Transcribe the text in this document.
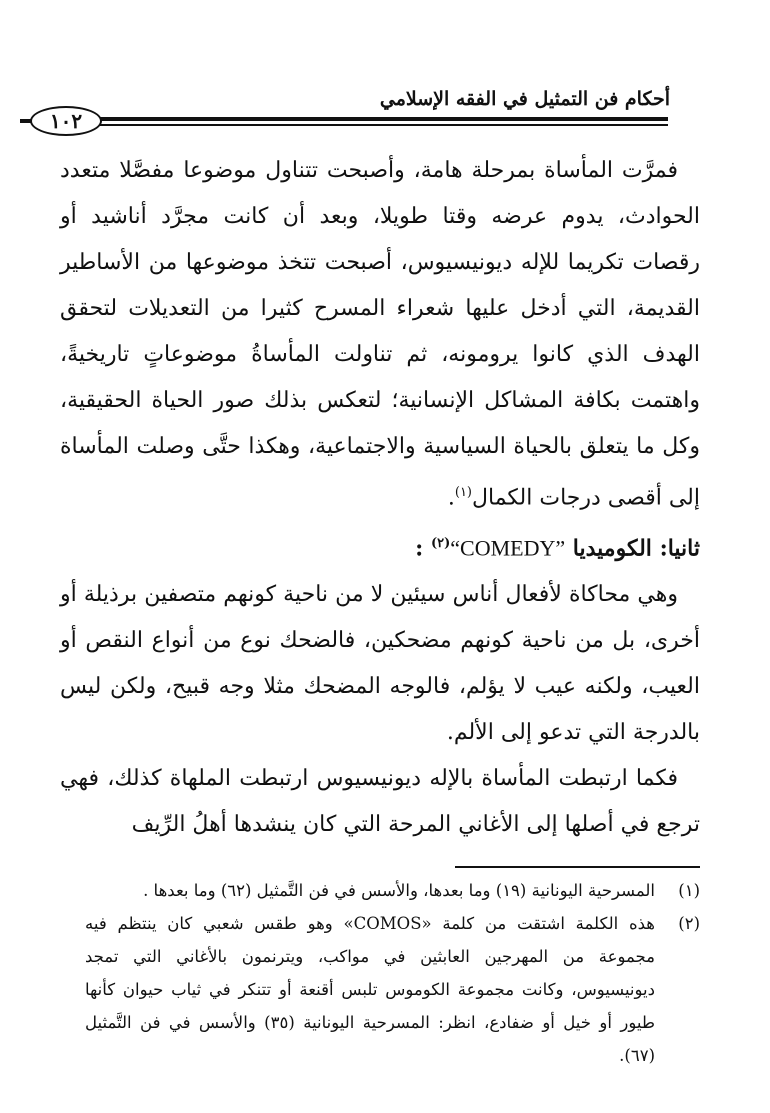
أحكام فن التمثيل في الفقه الإسلامي
١٠٢

فمرَّت المأساة بمرحلة هامة، وأصبحت تتناول موضوعا مفصَّلا متعدد الحوادث، يدوم عرضه وقتا طويلا، وبعد أن كانت مجرَّد أناشيد أو رقصات تكريما للإله ديونيسيوس، أصبحت تتخذ موضوعها من الأساطير القديمة، التي أدخل عليها شعراء المسرح كثيرا من التعديلات لتحقق الهدف الذي كانوا يرومونه، ثم تناولت المأساةُ موضوعاتٍ تاريخيةً، واهتمت بكافة المشاكل الإنسانية؛ لتعكس بذلك صور الحياة الحقيقية، وكل ما يتعلق بالحياة السياسية والاجتماعية، وهكذا حتَّى وصلت المأساة إلى أقصى درجات الكمال$^{(١)}$.

ثانيا: الكوميديا “COMEDY”$^{(٢)}$ :

وهي محاكاة لأفعال أناس سيئين لا من ناحية كونهم متصفين برذيلة أو أخرى، بل من ناحية كونهم مضحكين، فالضحك نوع من أنواع النقص أو العيب، ولكنه عيب لا يؤلم، فالوجه المضحك مثلا وجه قبيح، ولكن ليس بالدرجة التي تدعو إلى الألم.

فكما ارتبطت المأساة بالإله ديونيسيوس ارتبطت الملهاة كذلك، فهي ترجع في أصلها إلى الأغاني المرحة التي كان ينشدها أهلُ الرِّيف

(١)
المسرحية اليونانية (١٩) وما بعدها، والأسس في فن التَّمثيل (٦٢) وما بعدها .
(٢)
هذه الكلمة اشتقت من كلمة «COMOS» وهو طقس شعبي كان ينتظم فيه مجموعة من المهرجين العابثين في مواكب، ويترنمون بالأغاني التي تمجد ديونيسيوس، وكانت مجموعة الكوموس تلبس أقنعة أو تتنكر في ثياب حيوان كأنها طيور أو خيل أو ضفادع، انظر: المسرحية اليونانية (٣٥) والأسس في فن التَّمثيل (٦٧).
